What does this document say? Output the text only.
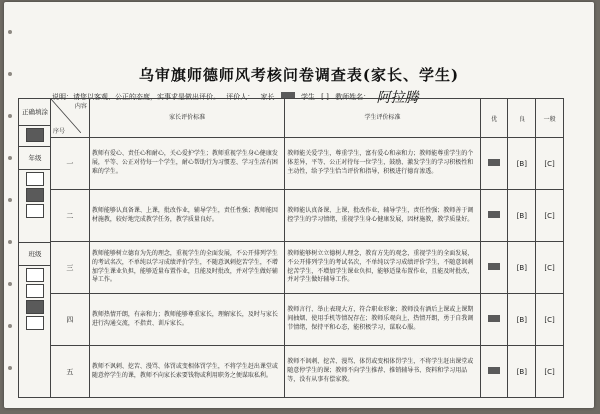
乌审旗师德师风考核问卷调查表(家长、学生)
说明：请您以客观、公正的态度，实事求是做出评价。 评价人： 家长	学生 [ ] 教师姓名： 阿拉腾
正确填涂
年级
班级
内容
序号	家长评价标准	学生评价标准	优	良	一般
一	教师有爱心、责任心和耐心，关心爱护学生；教师重视学生身心健康发展，平等、公正对待每一个学生，耐心帮助行为习惯差、学习生活有困难的学生。	教师能关爱学生，尊重学生，富有爱心和亲和力；教师能尊重学生的个体差异，平等、公正对待每一位学生，鼓励、激发学生的学习积极性和主动性，给予学生恰当评价和指导，积极进行德育渗透。		[B]	[C]
二	教师能够认真备课、上课，批改作业，辅导学生，责任性强；教师能因材施教，较好地完成教学任务，教学质量良好。	教师能认真备课、上课，批改作业，辅导学生，责任性强；教师善于调控学生的学习情绪，重视学生身心健康发展，因材施教，教学质量好。		[B]	[C]
三	教师能够树立德育为先的理念，重视学生的全面发展，不公开排列学生的考试名次，不单纯以学习成绩评价学生，不随意讽刺挖苦学生，不增加学生课业负担，能够适量布置作业，且能及时批改，并对学生做好辅导工作。	教师能够树立立德树人理念，教育方先的观念，重视学生的全面发展，不公开排列学生的考试名次，不单纯以学习成绩评价学生，不随意讽刺挖苦学生，不增加学生课业负担，能够适量布置作业，且能及时批改，并对学生做好辅导工作。		[B]	[C]
四	教师热情开朗，有亲和力；教师能够尊重家长，理解家长，及时与家长进行沟通交流，不指责、训斥家长。	教师言行、举止表现大方，符合职业形象；教师没有酒后上课或上课期间抽烟、使用手机等情况存在；教师乐观向上，热情开朗，勇于自我调节情绪，保持平和心态，能积极学习，谋取心服。		[B]	[C]
五	教师不讽刺、挖苦、漫骂、体罚或变相体罚学生，不将学生赶出课堂或随意停学生的课，教师不向家长索要钱物或利用职务之便谋取私利。	教师不讽刺、挖苦、漫骂、体罚或变相体罚学生，不将学生赶出课堂或随意停学生的课；教师不向学生推荐、推销辅导书、资料和学习用品等，没有从事有偿家教。		[B]	[C]
